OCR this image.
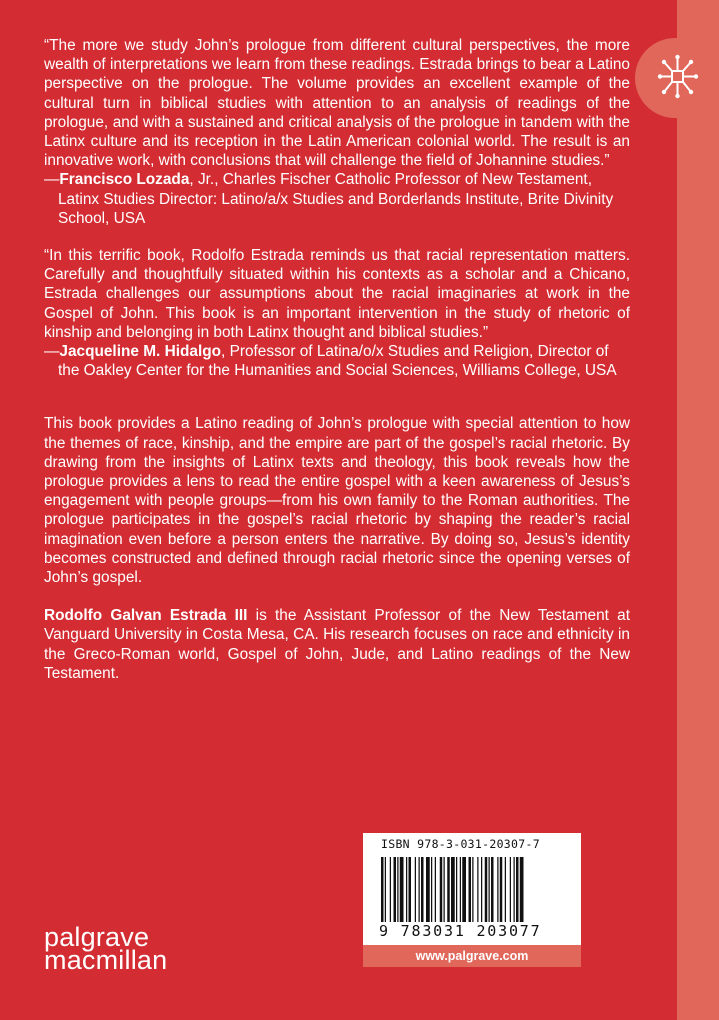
“The more we study John’s prologue from different cultural perspectives, the more wealth of interpretations we learn from these readings. Estrada brings to bear a Latino perspective on the prologue. The volume provides an excellent example of the cultural turn in biblical studies with attention to an analysis of readings of the prologue, and with a sustained and critical analysis of the prologue in tandem with the Latinx culture and its reception in the Latin American colonial world. The result is an innovative work, with conclusions that will challenge the field of Johannine studies.”

—Francisco Lozada, Jr., Charles Fischer Catholic Professor of New Testament, Latinx Studies Director: Latino/a/x Studies and Borderlands Institute, Brite Divinity School, USA

“In this terrific book, Rodolfo Estrada reminds us that racial representation matters. Carefully and thoughtfully situated within his contexts as a scholar and a Chicano, Estrada challenges our assumptions about the racial imaginaries at work in the Gospel of John. This book is an important intervention in the study of rhetoric of kinship and belonging in both Latinx thought and biblical studies.”

—Jacqueline M. Hidalgo, Professor of Latina/o/x Studies and Religion, Director of the Oakley Center for the Humanities and Social Sciences, Williams College, USA

This book provides a Latino reading of John’s prologue with special attention to how the themes of race, kinship, and the empire are part of the gospel’s racial rhetoric. By drawing from the insights of Latinx texts and theology, this book reveals how the prologue provides a lens to read the entire gospel with a keen awareness of Jesus’s engagement with people groups—from his own family to the Roman authorities. The prologue participates in the gospel’s racial rhetoric by shaping the reader’s racial imagination even before a person enters the narrative. By doing so, Jesus’s identity becomes constructed and defined through racial rhetoric since the opening verses of John’s gospel.

Rodolfo Galvan Estrada III is the Assistant Professor of the New Testament at Vanguard University in Costa Mesa, CA. His research focuses on race and ethnicity in the Greco-Roman world, Gospel of John, Jude, and Latino readings of the New Testament.

ISBN 978-3-031-20307-7
9 783031 203077
www.palgrave.com
palgrave
macmillan
